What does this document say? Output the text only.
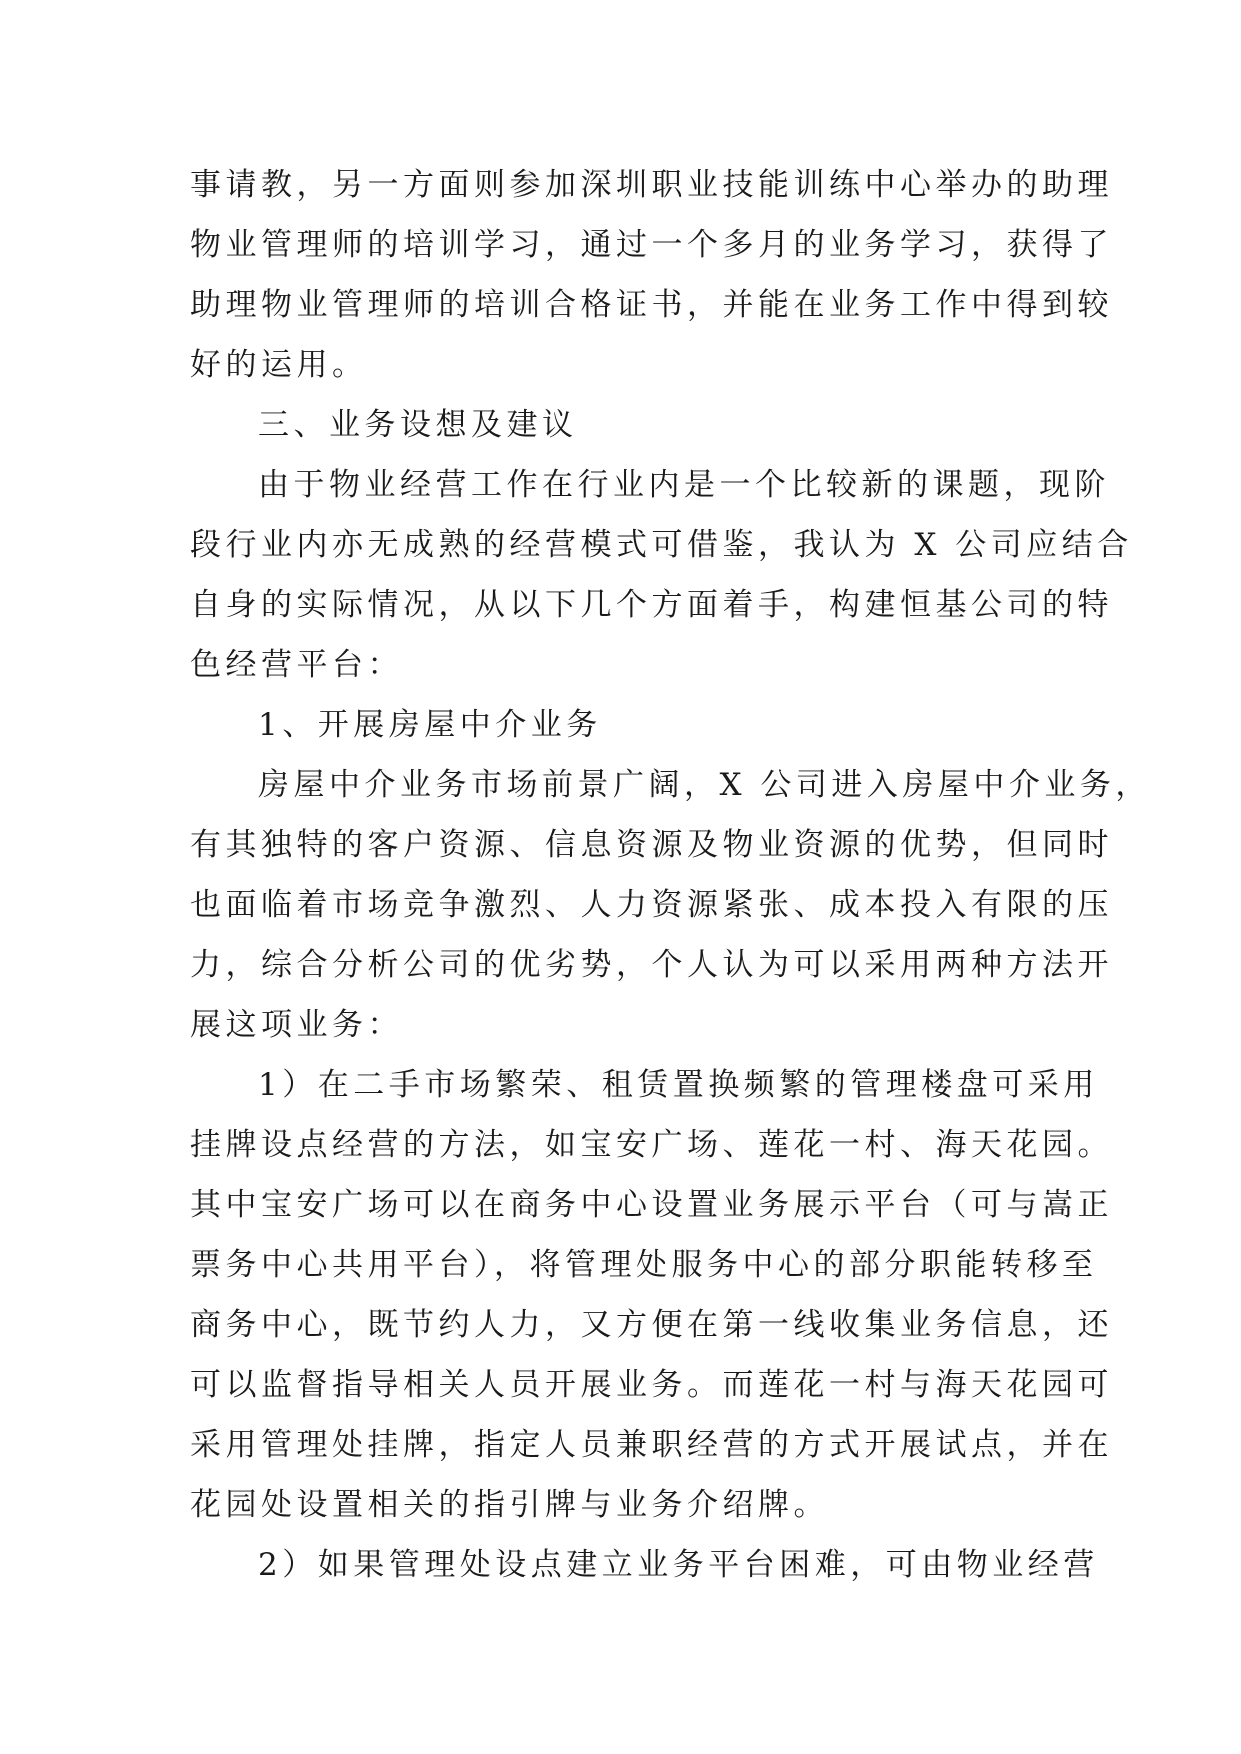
事请教，另一方面则参加深圳职业技能训练中心举办的助理
物业管理师的培训学习，通过一个多月的业务学习，获得了
助理物业管理师的培训合格证书，并能在业务工作中得到较
好的运用。
三、业务设想及建议
由于物业经营工作在行业内是一个比较新的课题，现阶
段行业内亦无成熟的经营模式可借鉴，我认为 X 公司应结合
自身的实际情况，从以下几个方面着手，构建恒基公司的特
色经营平台：
1、开展房屋中介业务
房屋中介业务市场前景广阔，X 公司进入房屋中介业务，
有其独特的客户资源、信息资源及物业资源的优势，但同时
也面临着市场竞争激烈、人力资源紧张、成本投入有限的压
力，综合分析公司的优劣势，个人认为可以采用两种方法开
展这项业务：
1）在二手市场繁荣、租赁置换频繁的管理楼盘可采用
挂牌设点经营的方法，如宝安广场、莲花一村、海天花园。
其中宝安广场可以在商务中心设置业务展示平台（可与嵩正
票务中心共用平台），将管理处服务中心的部分职能转移至
商务中心，既节约人力，又方便在第一线收集业务信息，还
可以监督指导相关人员开展业务。而莲花一村与海天花园可
采用管理处挂牌，指定人员兼职经营的方式开展试点，并在
花园处设置相关的指引牌与业务介绍牌。
2）如果管理处设点建立业务平台困难，可由物业经营
